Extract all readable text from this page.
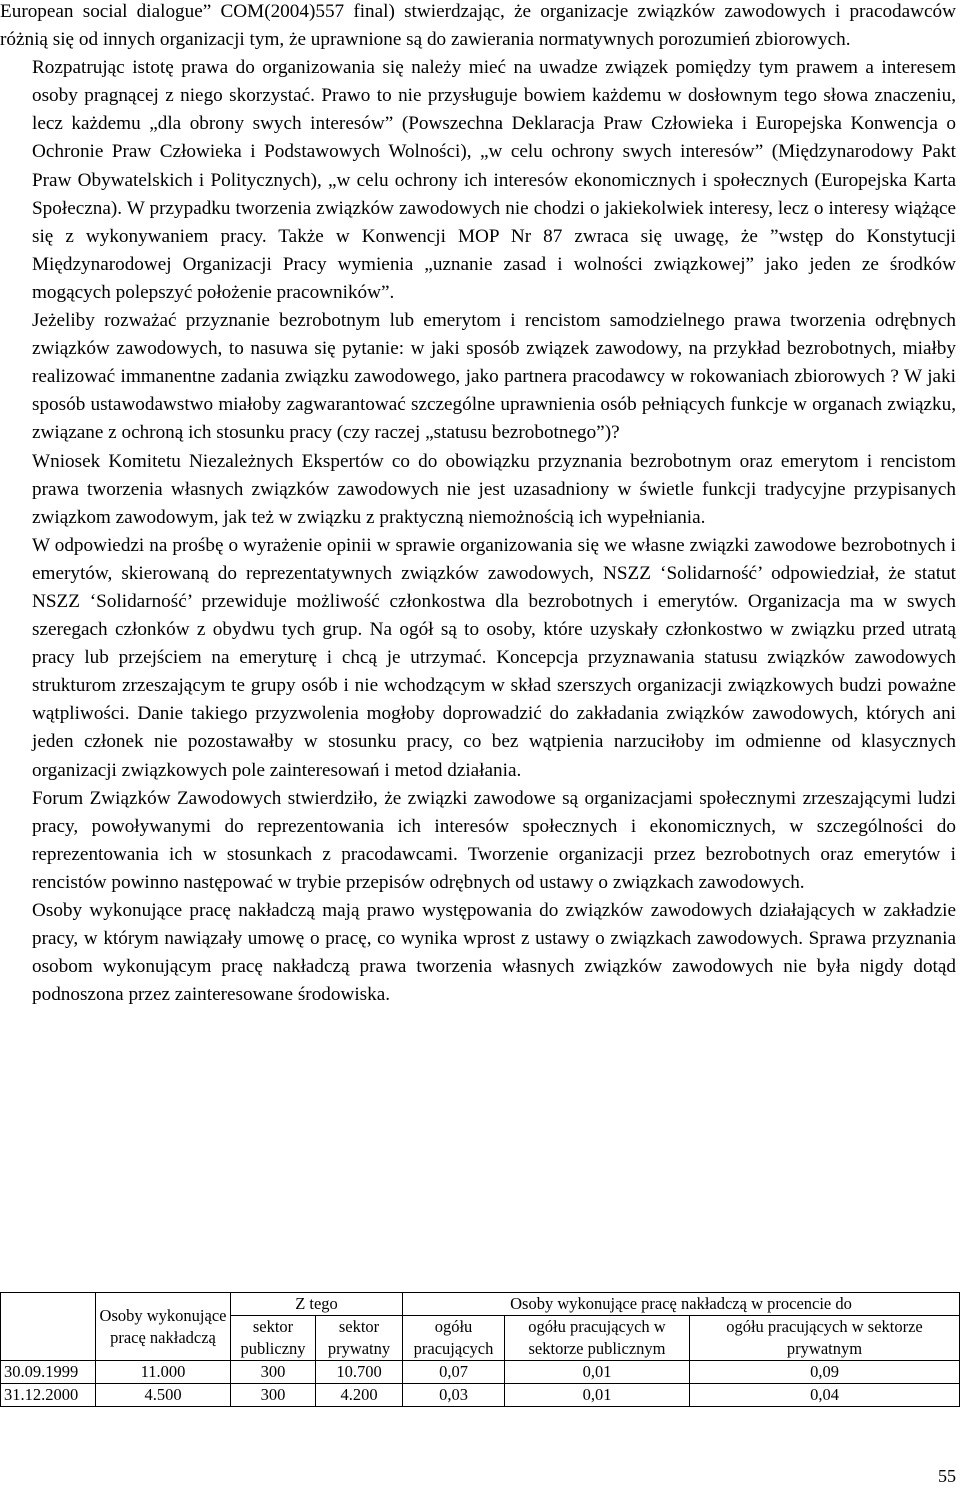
European social dialogue” COM(2004)557 final) stwierdzając, że organizacje związków zawodowych i pracodawców różnią się od innych organizacji tym, że uprawnione są do zawierania normatywnych porozumień zbiorowych.

Rozpatrując istotę prawa do organizowania się należy mieć na uwadze związek pomiędzy tym prawem a interesem osoby pragnącej z niego skorzystać. Prawo to nie przysługuje bowiem każdemu w dosłownym tego słowa znaczeniu, lecz każdemu „dla obrony swych interesów” (Powszechna Deklaracja Praw Człowieka i Europejska Konwencja o Ochronie Praw Człowieka i Podstawowych Wolności), „w celu ochrony swych interesów” (Międzynarodowy Pakt Praw Obywatelskich i Politycznych), „w celu ochrony ich interesów ekonomicznych i społecznych (Europejska Karta Społeczna). W przypadku tworzenia związków zawodowych nie chodzi o jakiekolwiek interesy, lecz o interesy wiążące się z wykonywaniem pracy. Także w Konwencji MOP Nr 87 zwraca się uwagę, że ”wstęp do Konstytucji Międzynarodowej Organizacji Pracy wymienia „uznanie zasad i wolności związkowej” jako jeden ze środków mogących polepszyć położenie pracowników”.

Jeżeliby rozważać przyznanie bezrobotnym lub emerytom i rencistom samodzielnego prawa tworzenia odrębnych związków zawodowych, to nasuwa się pytanie: w jaki sposób związek zawodowy, na przykład bezrobotnych, miałby realizować immanentne zadania związku zawodowego, jako partnera pracodawcy w rokowaniach zbiorowych ? W jaki sposób ustawodawstwo miałoby zagwarantować szczególne uprawnienia osób pełniących funkcje w organach związku, związane z ochroną ich stosunku pracy (czy raczej „statusu bezrobotnego”)?

Wniosek Komitetu Niezależnych Ekspertów co do obowiązku przyznania bezrobotnym oraz emerytom i rencistom prawa tworzenia własnych związków zawodowych nie jest uzasadniony w świetle funkcji tradycyjne przypisanych związkom zawodowym, jak też w związku z praktyczną niemożnością ich wypełniania.

W odpowiedzi na prośbę o wyrażenie opinii w sprawie organizowania się we własne związki zawodowe bezrobotnych i emerytów, skierowaną do reprezentatywnych związków zawodowych, NSZZ ‘Solidarność’ odpowiedział, że statut NSZZ ‘Solidarność’ przewiduje możliwość członkostwa dla bezrobotnych i emerytów. Organizacja ma w swych szeregach członków z obydwu tych grup. Na ogół są to osoby, które uzyskały członkostwo w związku przed utratą pracy lub przejściem na emeryturę i chcą je utrzymać. Koncepcja przyznawania statusu związków zawodowych strukturom zrzeszającym te grupy osób i nie wchodzącym w skład szerszych organizacji związkowych budzi poważne wątpliwości. Danie takiego przyzwolenia mogłoby doprowadzić do zakładania związków zawodowych, których ani jeden członek nie pozostawałby w stosunku pracy, co bez wątpienia narzuciłoby im odmienne od klasycznych organizacji związkowych pole zainteresowań i metod działania.

Forum Związków Zawodowych stwierdziło, że związki zawodowe są organizacjami społecznymi zrzeszającymi ludzi pracy, powoływanymi do reprezentowania ich interesów społecznych i ekonomicznych, w szczególności do reprezentowania ich w stosunkach z pracodawcami. Tworzenie organizacji przez bezrobotnych oraz emerytów i rencistów powinno następować w trybie przepisów odrębnych od ustawy o związkach zawodowych.

Osoby wykonujące pracę nakładczą mają prawo występowania do związków zawodowych działających w zakładzie pracy, w którym nawiązały umowę o pracę, co wynika wprost z ustawy o związkach zawodowych. Sprawa przyznania osobom wykonującym pracę nakładczą prawa tworzenia własnych związków zawodowych nie była nigdy dotąd podnoszona przez zainteresowane środowiska.

	Osoby wykonujące pracę nakładczą	Z tego		Osoby wykonujące pracę nakładczą w procencie do		
		sektor publiczny	sektor prywatny	ogółu pracujących	ogółu pracujących w sektorze publicznym	ogółu pracujących w sektorze prywatnym
30.09.1999	11.000	300	10.700	0,07	0,01	0,09
31.12.2000	4.500	300	4.200	0,03	0,01	0,04
55
